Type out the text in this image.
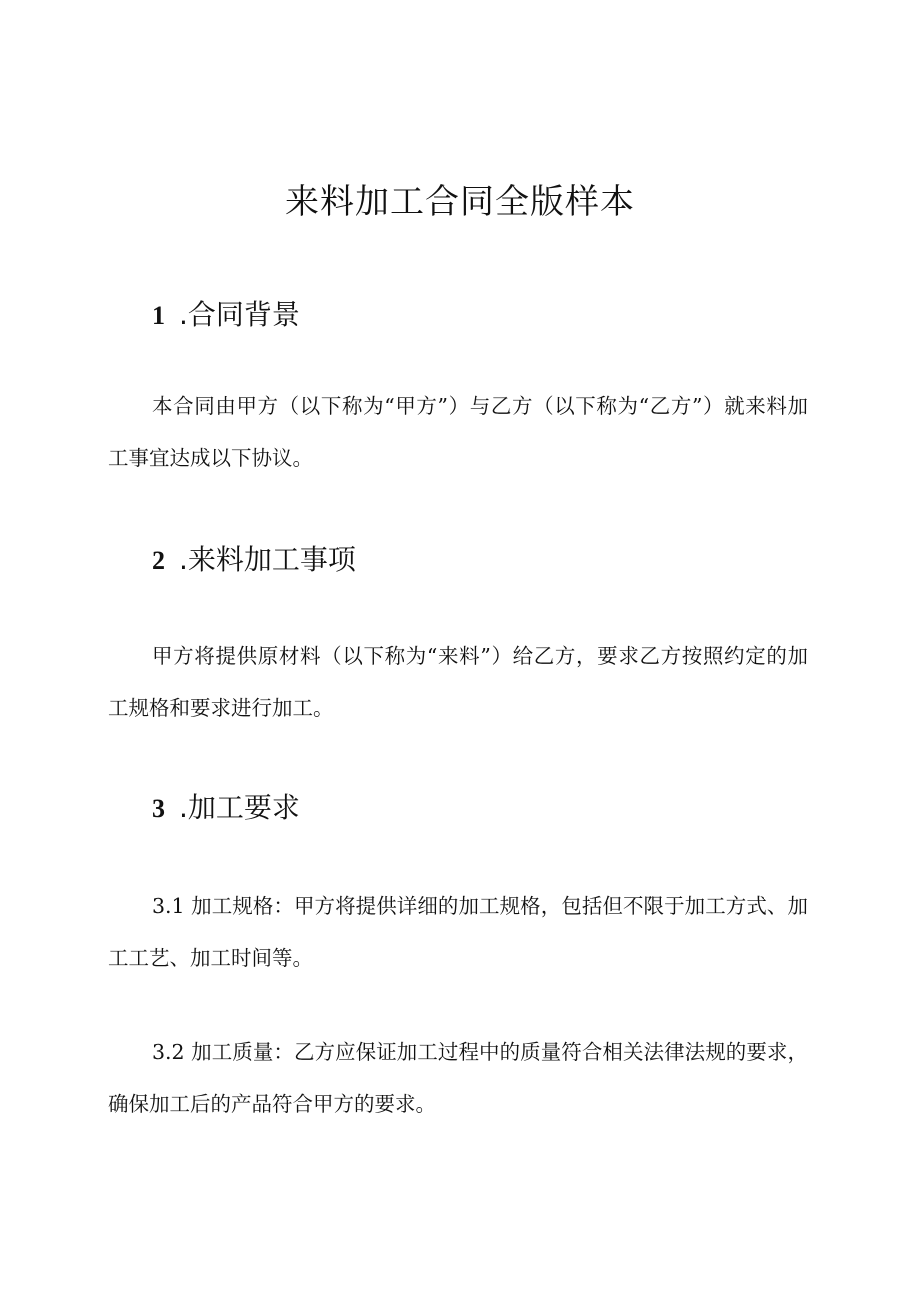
来料加工合同全版样本
1 .合同背景

本合同由甲方（以下称为“甲方”）与乙方（以下称为“乙方”）就来料加工事宜达成以下协议。

2 .来料加工事项

甲方将提供原材料（以下称为“来料”）给乙方，要求乙方按照约定的加工规格和要求进行加工。

3 .加工要求

3.1 加工规格：甲方将提供详细的加工规格，包括但不限于加工方式、加工工艺、加工时间等。

3.2 加工质量：乙方应保证加工过程中的质量符合相关法律法规的要求，确保加工后的产品符合甲方的要求。
